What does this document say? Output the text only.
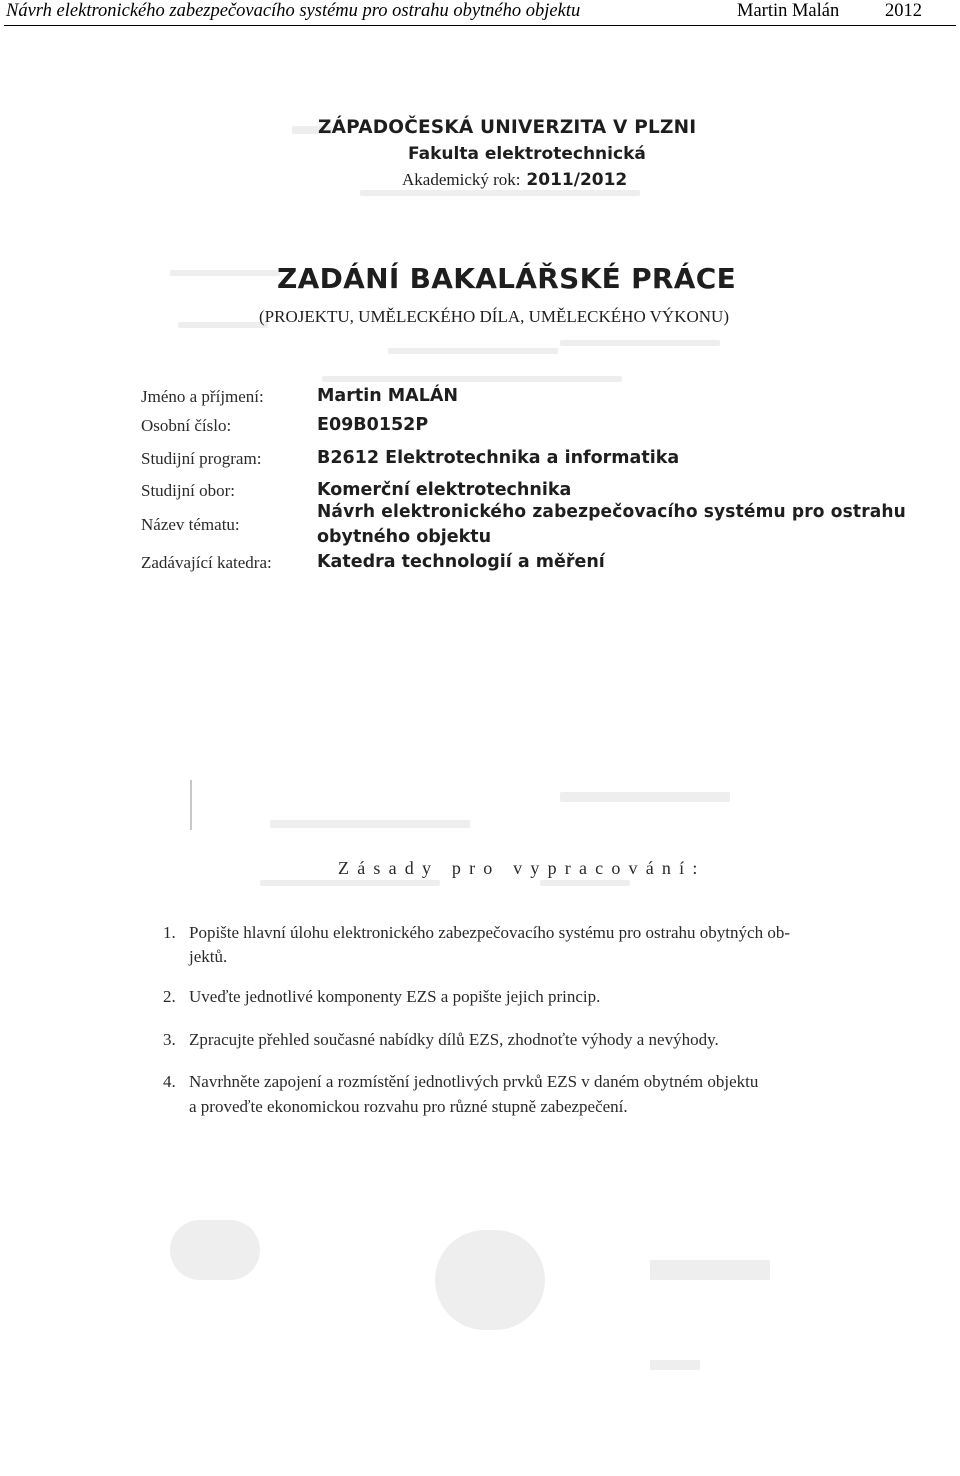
Návrh elektronického zabezpečovacího systému pro ostrahu obytného objektu	Martin Malán 2012
ZÁPADOČESKÁ UNIVERZITA V PLZNI
Fakulta elektrotechnická
Akademický rok: 2011/2012
ZADÁNÍ BAKALÁŘSKÉ PRÁCE
(PROJEKTU, UMĚLECKÉHO DÍLA, UMĚLECKÉHO VÝKONU)
Jméno a příjmení:	Martin MALÁN
Osobní číslo:	E09B0152P
Studijní program:	B2612 Elektrotechnika a informatika
Studijní obor:	Komerční elektrotechnika
Název tématu:
Návrh elektronického zabezpečovacího systému pro ostrahu
obytného objektu
Zadávající katedra:	Katedra technologií a měření
Zásady pro vypracování:
1. Popište hlavní úlohu elektronického zabezpečovacího systému pro ostrahu obytných ob-
jektů.
2. Uveďte jednotlivé komponenty EZS a popište jejich princip.
3. Zpracujte přehled současné nabídky dílů EZS, zhodnoťte výhody a nevýhody.
4. Navrhněte zapojení a rozmístění jednotlivých prvků EZS v daném obytném objektu
a proveďte ekonomickou rozvahu pro různé stupně zabezpečení.
